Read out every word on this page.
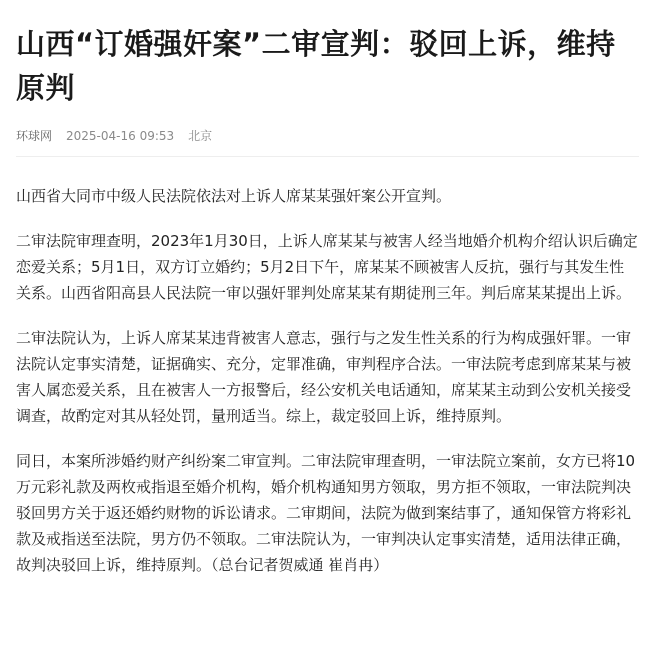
山西“订婚强奸案”二审宣判：驳回上诉，维持原判
环球网 2025-04-16 09:53 北京

山西省大同市中级人民法院依法对上诉人席某某强奸案公开宣判。

二审法院审理查明，2023年1月30日，上诉人席某某与被害人经当地婚介机构介绍认识后确定恋爱关系；5月1日，双方订立婚约；5月2日下午，席某某不顾被害人反抗，强行与其发生性关系。山西省阳高县人民法院一审以强奸罪判处席某某有期徒刑三年。判后席某某提出上诉。

二审法院认为，上诉人席某某违背被害人意志，强行与之发生性关系的行为构成强奸罪。一审法院认定事实清楚，证据确实、充分，定罪准确，审判程序合法。一审法院考虑到席某某与被害人属恋爱关系，且在被害人一方报警后，经公安机关电话通知，席某某主动到公安机关接受调查，故酌定对其从轻处罚，量刑适当。综上，裁定驳回上诉，维持原判。

同日，本案所涉婚约财产纠纷案二审宣判。二审法院审理查明，一审法院立案前，女方已将10万元彩礼款及两枚戒指退至婚介机构，婚介机构通知男方领取，男方拒不领取，一审法院判决驳回男方关于返还婚约财物的诉讼请求。二审期间，法院为做到案结事了，通知保管方将彩礼款及戒指送至法院，男方仍不领取。二审法院认为，一审判决认定事实清楚，适用法律正确，故判决驳回上诉，维持原判。（总台记者贺威通 崔肖冉）
